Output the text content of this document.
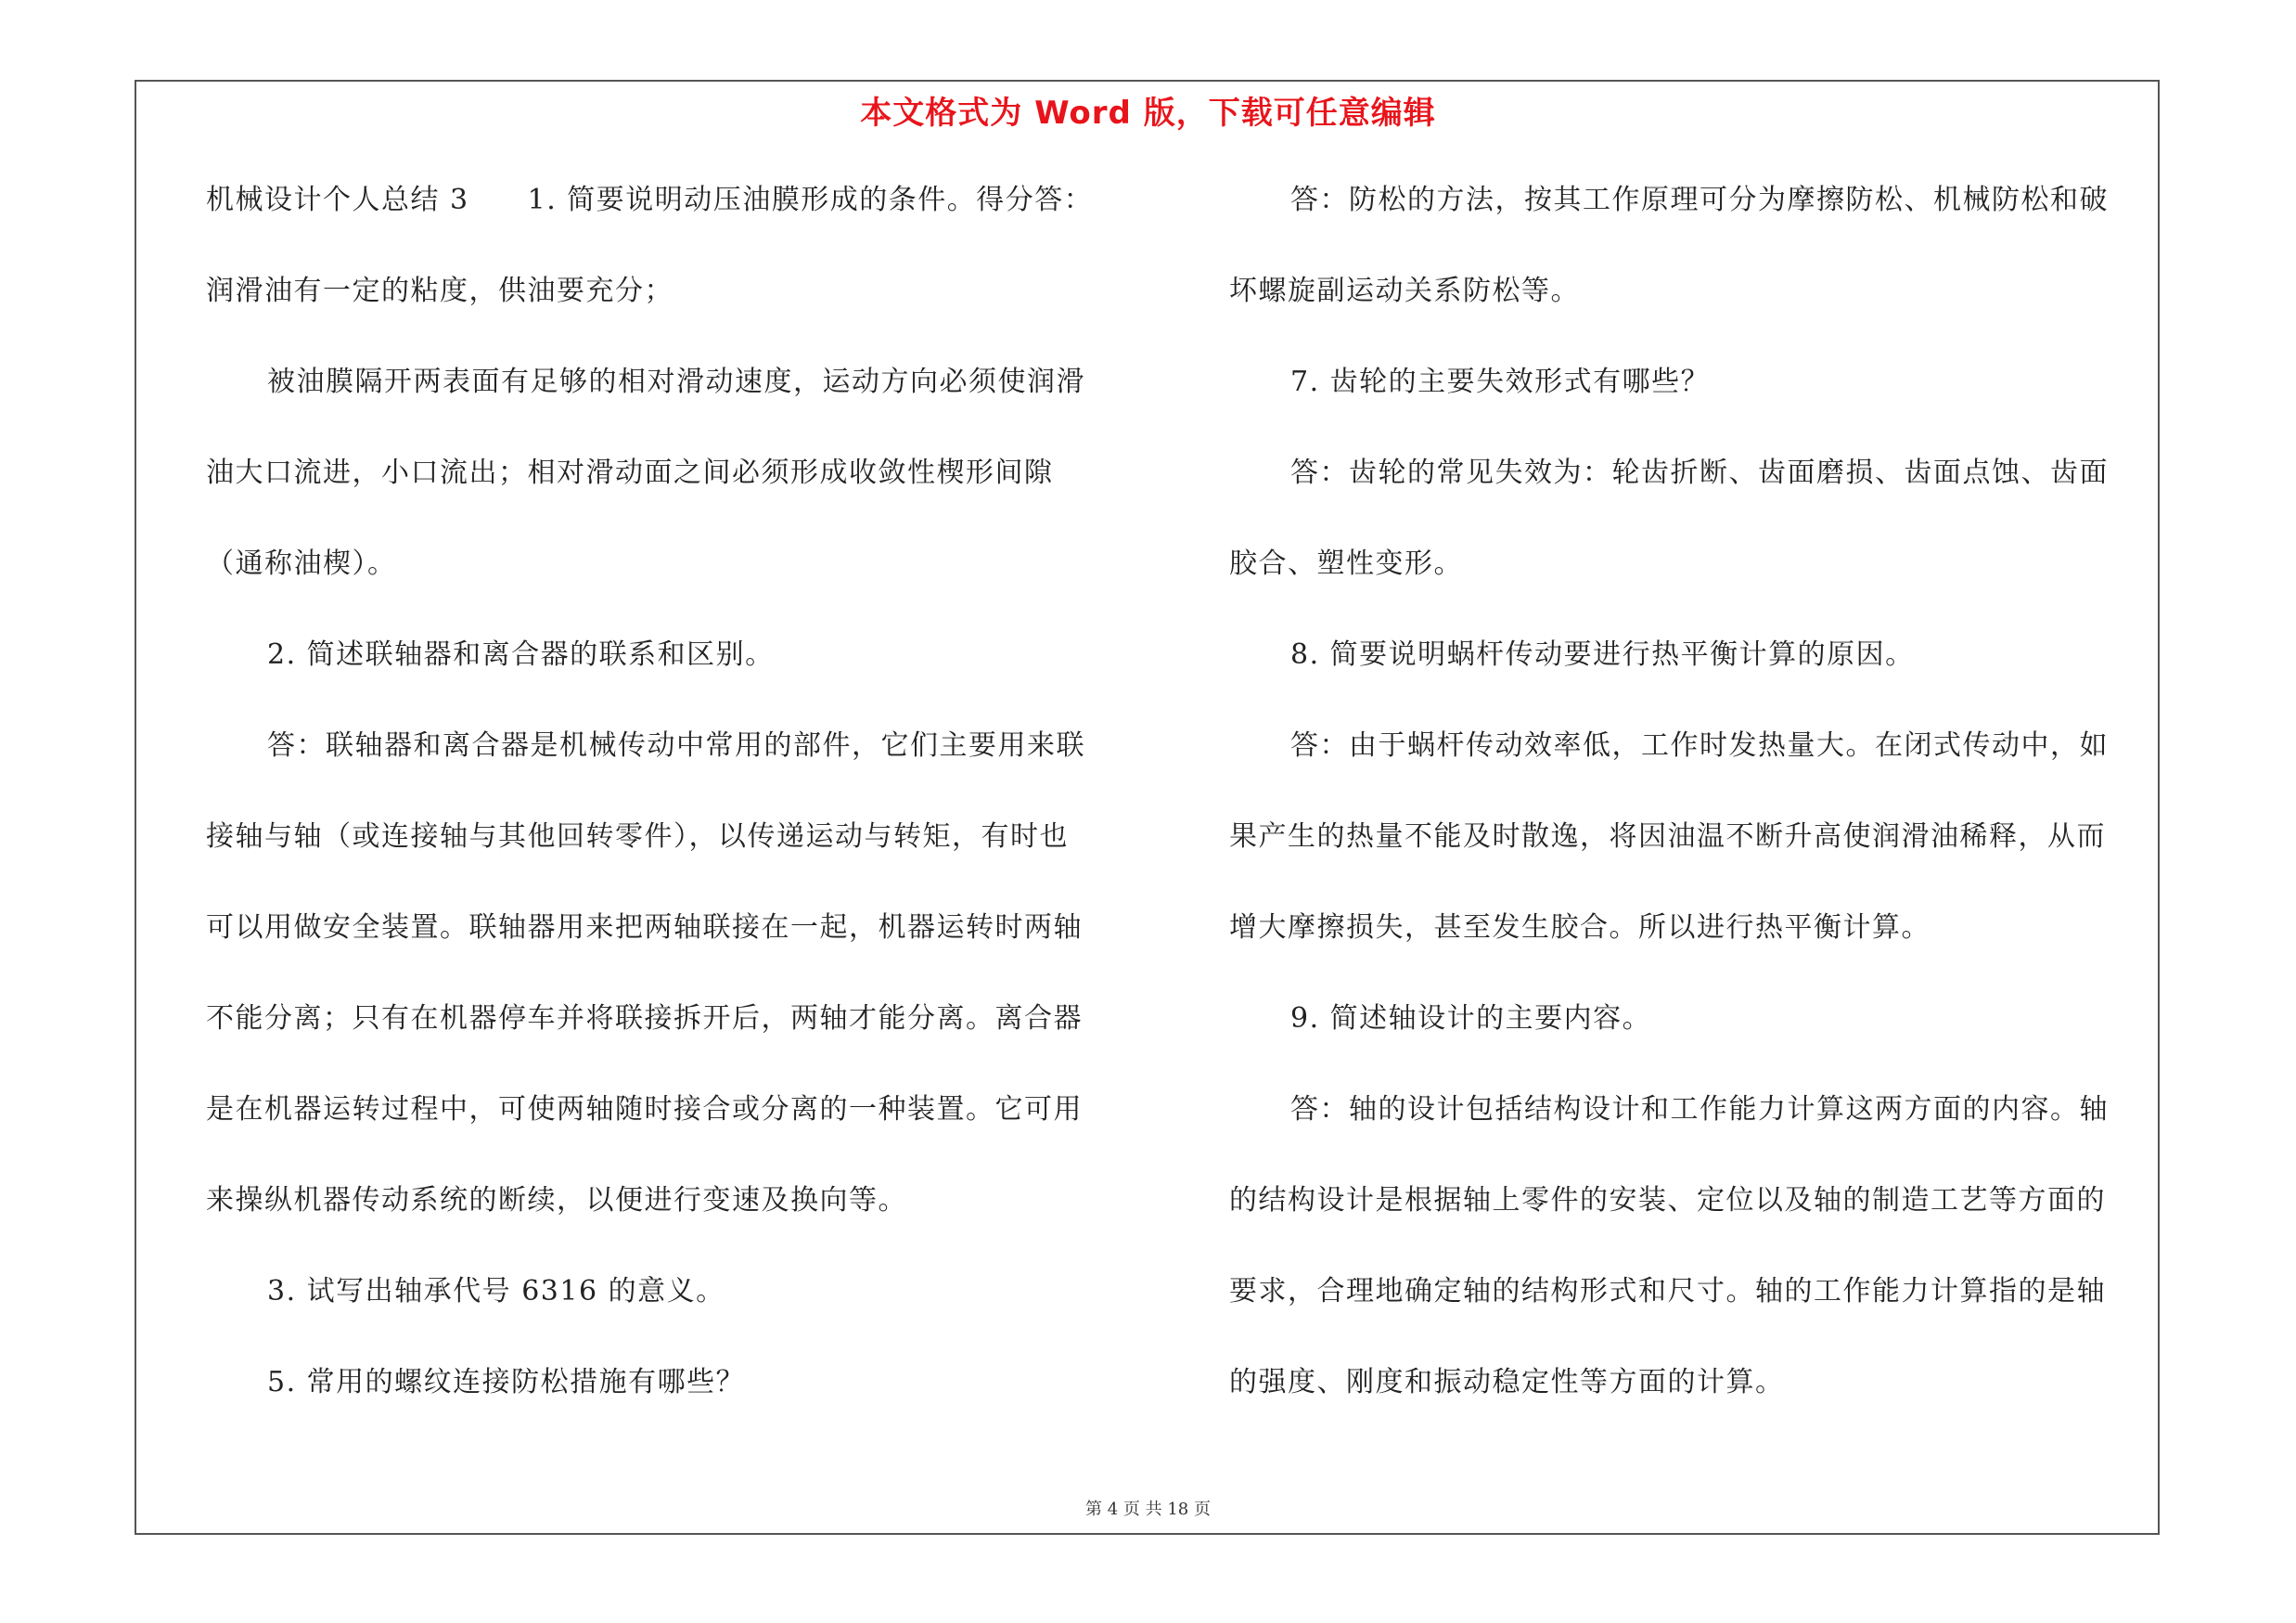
本文格式为 Word 版，下载可任意编辑
机械设计个人总结 3　　1. 简要说明动压油膜形成的条件。得分答：
润滑油有一定的粘度，供油要充分；
被油膜隔开两表面有足够的相对滑动速度，运动方向必须使润滑
油大口流进，小口流出；相对滑动面之间必须形成收敛性楔形间隙
（通称油楔）。
2. 简述联轴器和离合器的联系和区别。
答：联轴器和离合器是机械传动中常用的部件，它们主要用来联
接轴与轴（或连接轴与其他回转零件），以传递运动与转矩，有时也
可以用做安全装置。联轴器用来把两轴联接在一起，机器运转时两轴
不能分离；只有在机器停车并将联接拆开后，两轴才能分离。离合器
是在机器运转过程中，可使两轴随时接合或分离的一种装置。它可用
来操纵机器传动系统的断续，以便进行变速及换向等。
3. 试写出轴承代号 6316 的意义。
5. 常用的螺纹连接防松措施有哪些？
答：防松的方法，按其工作原理可分为摩擦防松、机械防松和破
坏螺旋副运动关系防松等。
7. 齿轮的主要失效形式有哪些？
答：齿轮的常见失效为：轮齿折断、齿面磨损、齿面点蚀、齿面
胶合、塑性变形。
8. 简要说明蜗杆传动要进行热平衡计算的原因。
答：由于蜗杆传动效率低，工作时发热量大。在闭式传动中，如
果产生的热量不能及时散逸，将因油温不断升高使润滑油稀释，从而
增大摩擦损失，甚至发生胶合。所以进行热平衡计算。
9. 简述轴设计的主要内容。
答：轴的设计包括结构设计和工作能力计算这两方面的内容。轴
的结构设计是根据轴上零件的安装、定位以及轴的制造工艺等方面的
要求，合理地确定轴的结构形式和尺寸。轴的工作能力计算指的是轴
的强度、刚度和振动稳定性等方面的计算。
第 4 页 共 18 页
